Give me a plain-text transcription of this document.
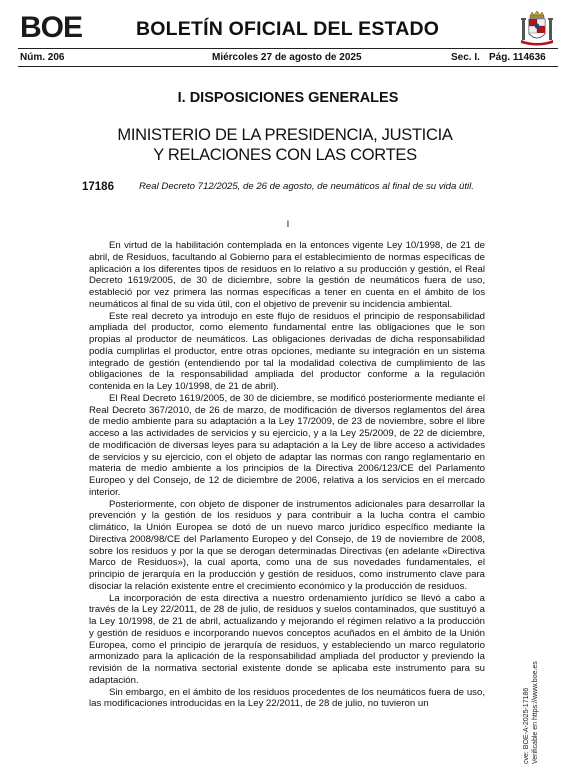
BOE	BOLETÍN OFICIAL DEL ESTADO
Núm. 206	Miércoles 27 de agosto de 2025	Sec. I. Pág. 114636
I. DISPOSICIONES GENERALES
MINISTERIO DE LA PRESIDENCIA, JUSTICIA
Y RELACIONES CON LAS CORTES
17186	Real Decreto 712/2025, de 26 de agosto, de neumáticos al final de su vida útil.
I

En virtud de la habilitación contemplada en la entonces vigente Ley 10/1998, de 21 de abril, de Residuos, facultando al Gobierno para el establecimiento de normas específicas de aplicación a los diferentes tipos de residuos en lo relativo a su producción y gestión, el Real Decreto 1619/2005, de 30 de diciembre, sobre la gestión de neumáticos fuera de uso, estableció por vez primera las normas específicas a tener en cuenta en el ámbito de los neumáticos al final de su vida útil, con el objetivo de prevenir su incidencia ambiental.

Este real decreto ya introdujo en este flujo de residuos el principio de responsabilidad ampliada del productor, como elemento fundamental entre las obligaciones que le son propias al productor de neumáticos. Las obligaciones derivadas de dicha responsabilidad podía cumplirlas el productor, entre otras opciones, mediante su integración en un sistema integrado de gestión (entendiendo por tal la modalidad colectiva de cumplimiento de las obligaciones de la responsabilidad ampliada del productor conforme a la regulación contenida en la Ley 10/1998, de 21 de abril).

El Real Decreto 1619/2005, de 30 de diciembre, se modificó posteriormente mediante el Real Decreto 367/2010, de 26 de marzo, de modificación de diversos reglamentos del área de medio ambiente para su adaptación a la Ley 17/2009, de 23 de noviembre, sobre el libre acceso a las actividades de servicios y su ejercicio, y a la Ley 25/2009, de 22 de diciembre, de modificación de diversas leyes para su adaptación a la Ley de libre acceso a actividades de servicios y su ejercicio, con el objeto de adaptar las normas con rango reglamentario en materia de medio ambiente a los principios de la Directiva 2006/123/CE del Parlamento Europeo y del Consejo, de 12 de diciembre de 2006, relativa a los servicios en el mercado interior.

Posteriormente, con objeto de disponer de instrumentos adicionales para desarrollar la prevención y la gestión de los residuos y para contribuir a la lucha contra el cambio climático, la Unión Europea se dotó de un nuevo marco jurídico específico mediante la Directiva 2008/98/CE del Parlamento Europeo y del Consejo, de 19 de noviembre de 2008, sobre los residuos y por la que se derogan determinadas Directivas (en adelante «Directiva Marco de Residuos»), la cual aporta, como una de sus novedades fundamentales, el principio de jerarquía en la producción y gestión de residuos, como instrumento clave para disociar la relación existente entre el crecimiento económico y la producción de residuos.

La incorporación de esta directiva a nuestro ordenamiento jurídico se llevó a cabo a través de la Ley 22/2011, de 28 de julio, de residuos y suelos contaminados, que sustituyó a la Ley 10/1998, de 21 de abril, actualizando y mejorando el régimen relativo a la producción y gestión de residuos e incorporando nuevos conceptos acuñados en el ámbito de la Unión Europea, como el principio de jerarquía de residuos, y estableciendo un marco regulatorio armonizado para la aplicación de la responsabilidad ampliada del productor y previendo la revisión de la normativa sectorial existente donde se aplicaba este instrumento para su adaptación.

Sin embargo, en el ámbito de los residuos procedentes de los neumáticos fuera de uso, las modificaciones introducidas en la Ley 22/2011, de 28 de julio, no tuvieron un	cve: BOE-A-2025-17186 Verificable en https://www.boe.es
